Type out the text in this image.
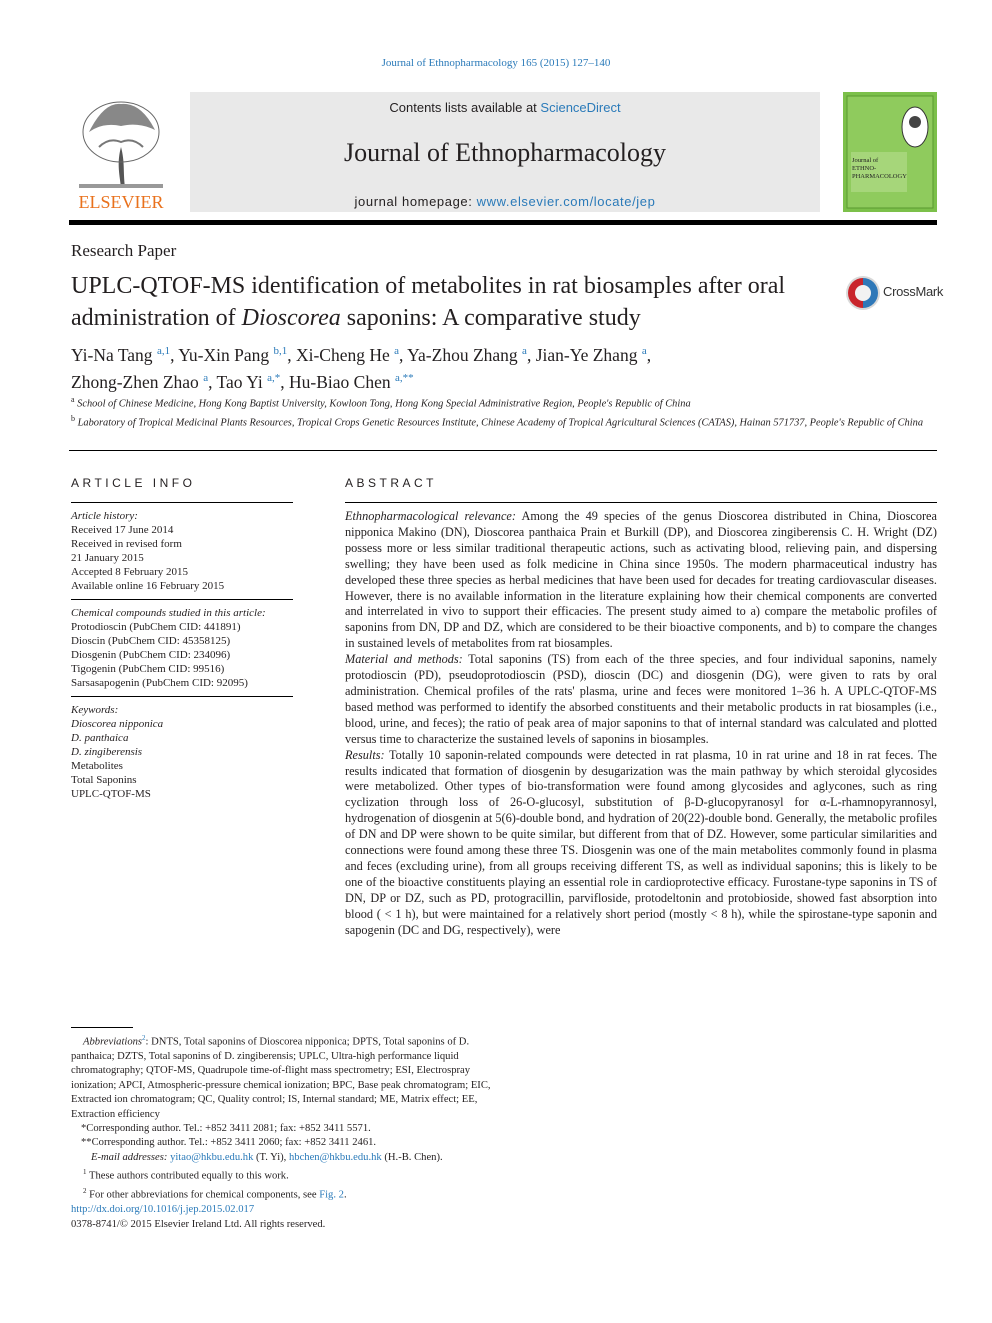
Journal of Ethnopharmacology 165 (2015) 127–140
ELSEVIER
Contents lists available at ScienceDirect
Journal of Ethnopharmacology
journal homepage: www.elsevier.com/locate/jep
Journal of
ETHNO-
PHARMACOLOGY
Research Paper
UPLC-QTOF-MS identification of metabolites in rat biosamples after oral administration of Dioscorea saponins: A comparative study
CrossMark
Yi-Na Tang $^{a,1}$, Yu-Xin Pang $^{b,1}$, Xi-Cheng He $^a$, Ya-Zhou Zhang $^a$, Jian-Ye Zhang $^a$,
Zhong-Zhen Zhao $^a$, Tao Yi $^{a,*}$, Hu-Biao Chen $^{a,**}$
$^a$ School of Chinese Medicine, Hong Kong Baptist University, Kowloon Tong, Hong Kong Special Administrative Region, People's Republic of China
$^b$ Laboratory of Tropical Medicinal Plants Resources, Tropical Crops Genetic Resources Institute, Chinese Academy of Tropical Agricultural Sciences (CATAS), Hainan 571737, People's Republic of China
ARTICLE INFO
Article history:
Received 17 June 2014
Received in revised form
21 January 2015
Accepted 8 February 2015
Available online 16 February 2015
Chemical compounds studied in this article:
Protodioscin (PubChem CID: 441891)
Dioscin (PubChem CID: 45358125)
Diosgenin (PubChem CID: 234096)
Tigogenin (PubChem CID: 99516)
Sarsasapogenin (PubChem CID: 92095)
Keywords:
Dioscorea nipponica
D. panthaica
D. zingiberensis
Metabolites
Total Saponins
UPLC-QTOF-MS
ABSTRACT

Ethnopharmacological relevance: Among the 49 species of the genus Dioscorea distributed in China, Dioscorea nipponica Makino (DN), Dioscorea panthaica Prain et Burkill (DP), and Dioscorea zingiberensis C. H. Wright (DZ) possess more or less similar traditional therapeutic actions, such as activating blood, relieving pain, and dispersing swelling; they have been used as folk medicine in China since 1950s. The modern pharmaceutical industry has developed these three species as herbal medicines that have been used for decades for treating cardiovascular diseases. However, there is no available information in the literature explaining how their chemical components are converted and interrelated in vivo to support their efficacies. The present study aimed to a) compare the metabolic profiles of saponins from DN, DP and DZ, which are considered to be their bioactive components, and b) to compare the changes in sustained levels of metabolites from rat biosamples.

Material and methods: Total saponins (TS) from each of the three species, and four individual saponins, namely protodioscin (PD), pseudoprotodioscin (PSD), dioscin (DC) and diosgenin (DG), were given to rats by oral administration. Chemical profiles of the rats' plasma, urine and feces were monitored 1–36 h. A UPLC-QTOF-MS based method was performed to identify the absorbed constituents and their metabolic products in rat biosamples (i.e., blood, urine, and feces); the ratio of peak area of major saponins to that of internal standard was calculated and plotted versus time to characterize the sustained levels of saponins in biosamples.

Results: Totally 10 saponin-related compounds were detected in rat plasma, 10 in rat urine and 18 in rat feces. The results indicated that formation of diosgenin by desugarization was the main pathway by which steroidal glycosides were metabolized. Other types of bio-transformation were found among glycosides and aglycones, such as ring cyclization through loss of 26-O-glucosyl, substitution of β-D-glucopyranosyl for α-L-rhamnopyrannosyl, hydrogenation of diosgenin at 5(6)-double bond, and hydration of 20(22)-double bond. Generally, the metabolic profiles of DN and DP were shown to be quite similar, but different from that of DZ. However, some particular similarities and connections were found among these three TS. Diosgenin was one of the main metabolites commonly found in plasma and feces (excluding urine), from all groups receiving different TS, as well as individual saponins; this is likely to be one of the bioactive constituents playing an essential role in cardioprotective efficacy. Furostane-type saponins in TS of DN, DP or DZ, such as PD, protogracillin, parvifloside, protodeltonin and protobioside, showed fast absorption into blood ( < 1 h), but were maintained for a relatively short period (mostly < 8 h), while the spirostane-type saponin and sapogenin (DC and DG, respectively), were

Abbreviations$^2$: DNTS, Total saponins of Dioscorea nipponica; DPTS, Total saponins of D. panthaica; DZTS, Total saponins of D. zingiberensis; UPLC, Ultra-high performance liquid chromatography; QTOF-MS, Quadrupole time-of-flight mass spectrometry; ESI, Electrospray ionization; APCI, Atmospheric-pressure chemical ionization; BPC, Base peak chromatogram; EIC, Extracted ion chromatogram; QC, Quality control; IS, Internal standard; ME, Matrix effect; EE, Extraction efficiency
*Corresponding author. Tel.: +852 3411 2081; fax: +852 3411 5571.
**Corresponding author. Tel.: +852 3411 2060; fax: +852 3411 2461.
E-mail addresses: yitao@hkbu.edu.hk (T. Yi), hbchen@hkbu.edu.hk (H.-B. Chen).
$^1$ These authors contributed equally to this work.
$^2$ For other abbreviations for chemical components, see Fig. 2.
http://dx.doi.org/10.1016/j.jep.2015.02.017
0378-8741/© 2015 Elsevier Ireland Ltd. All rights reserved.
